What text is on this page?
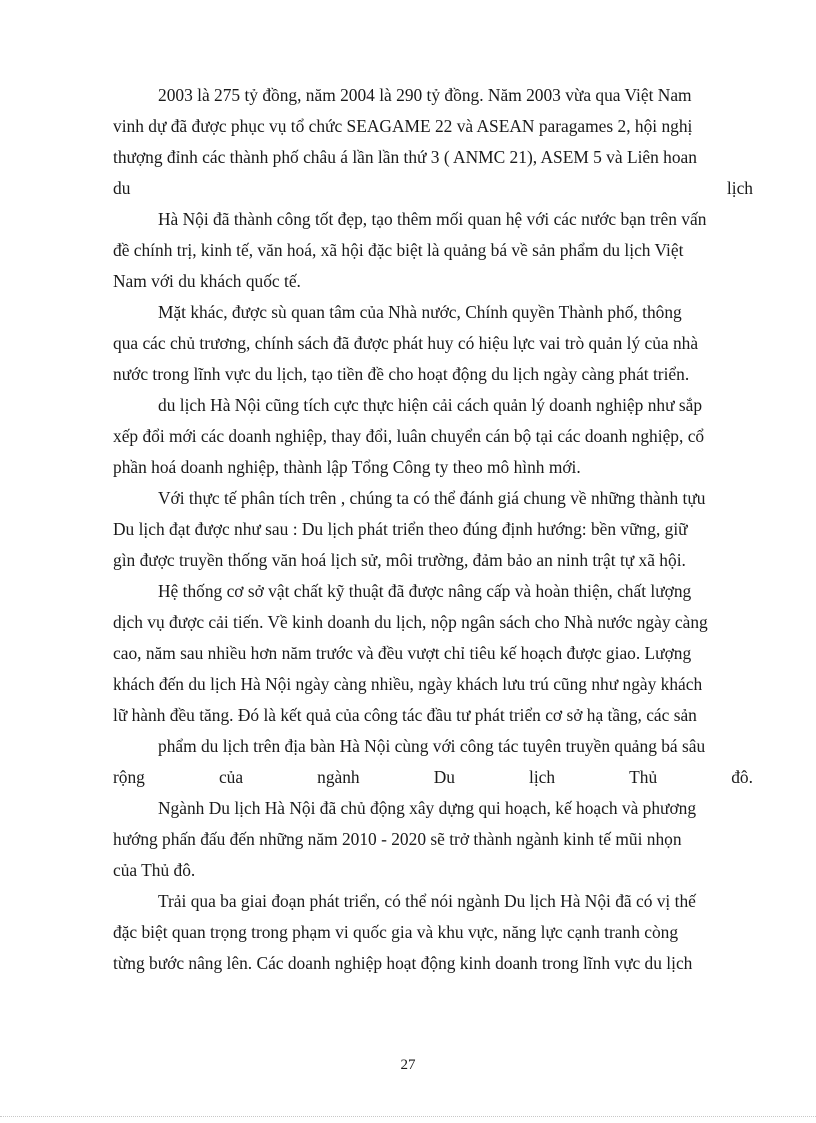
2003 là 275 tỷ đồng, năm 2004 là 290 tỷ đồng. Năm 2003 vừa qua Việt Nam
vinh dự đã được phục vụ tổ chức SEAGAME 22 và ASEAN paragames 2, hội nghị
thượng đỉnh các thành phố châu á lần lần thứ 3 ( ANMC 21), ASEM 5 và Liên hoan
du	lịch
Hà Nội đã thành công tốt đẹp, tạo thêm mối quan hệ với các nước bạn trên vấn
đề chính trị, kinh tế, văn hoá, xã hội đặc biệt là quảng bá về sản phẩm du lịch Việt
Nam với du khách quốc tế.
Mặt khác, được sù quan tâm của Nhà nước, Chính quyền Thành phố, thông
qua các chủ trương, chính sách đã được phát huy có hiệu lực vai trò quản lý của nhà
nước trong lĩnh vực du lịch, tạo tiền đề cho hoạt động du lịch ngày càng phát triển.
du lịch Hà Nội cũng tích cực thực hiện cải cách quản lý doanh nghiệp như sắp
xếp đổi mới các doanh nghiệp, thay đổi, luân chuyển cán bộ tại các doanh nghiệp, cổ
phần hoá doanh nghiệp, thành lập Tổng Công ty theo mô hình mới.
Với thực tế phân tích trên , chúng ta có thể đánh giá chung về những thành tựu
Du lịch đạt được như sau : Du lịch phát triển theo đúng định hướng: bền vững, giữ
gìn được truyền thống văn hoá lịch sử, môi trường, đảm bảo an ninh trật tự xã hội.
Hệ thống cơ sở vật chất kỹ thuật đã được nâng cấp và hoàn thiện, chất lượng
dịch vụ được cải tiến. Về kinh doanh du lịch, nộp ngân sách cho Nhà nước ngày càng
cao, năm sau nhiều hơn năm trước và đều vượt chỉ tiêu kế hoạch được giao. Lượng
khách đến du lịch Hà Nội ngày càng nhiều, ngày khách lưu trú cũng như ngày khách
lữ hành đều tăng. Đó là kết quả của công tác đầu tư phát triển cơ sở hạ tầng, các sản
phẩm du lịch trên địa bàn Hà Nội cùng với công tác tuyên truyền quảng bá sâu
rộng	của	ngành	Du	lịch	Thủ	đô.
Ngành Du lịch Hà Nội đã chủ động xây dựng qui hoạch, kế hoạch và phương
hướng phấn đấu đến những năm 2010 - 2020 sẽ trở thành ngành kinh tế mũi nhọn
của Thủ đô.
Trải qua ba giai đoạn phát triển, có thể nói ngành Du lịch Hà Nội đã có vị thế
đặc biệt quan trọng trong phạm vi quốc gia và khu vực, năng lực cạnh tranh còng
từng bước nâng lên. Các doanh nghiệp hoạt động kinh doanh trong lĩnh vực du lịch
27
